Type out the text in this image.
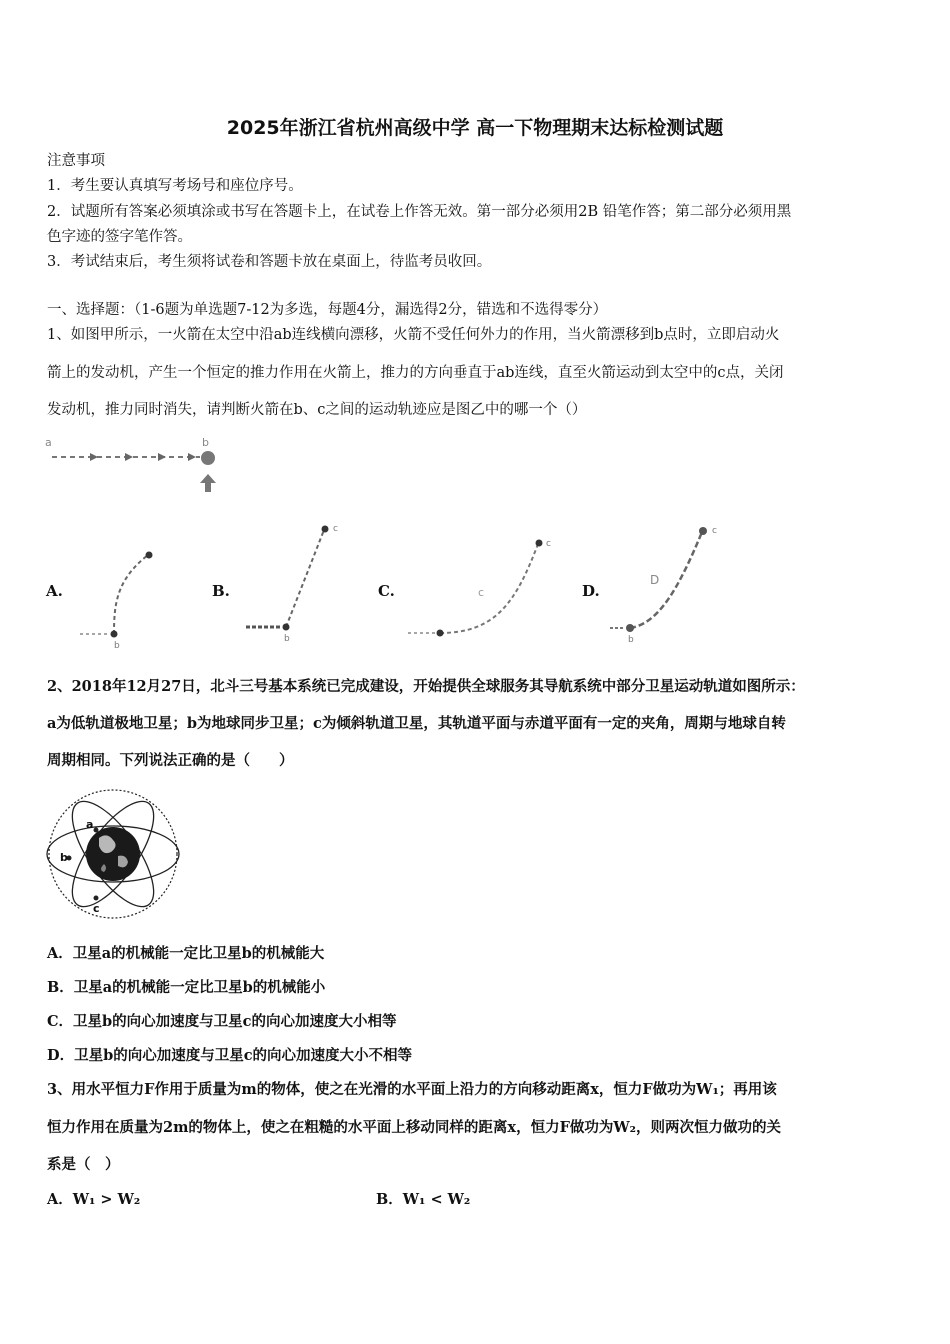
2025年浙江省杭州高级中学 高一下物理期末达标检测试题
注意事项
1．考生要认真填写考场号和座位序号。
2．试题所有答案必须填涂或书写在答题卡上，在试卷上作答无效。第一部分必须用2B 铅笔作答；第二部分必须用黑
色字迹的签字笔作答。
3．考试结束后，考生须将试卷和答题卡放在桌面上，待监考员收回。
一、选择题：（1-6题为单选题7-12为多选，每题4分，漏选得2分，错选和不选得零分）
1、如图甲所示，一火箭在太空中沿ab连线横向漂移，火箭不受任何外力的作用，当火箭漂移到b点时，立即启动火
箭上的发动机，产生一个恒定的推力作用在火箭上，推力的方向垂直于ab连线，直至火箭运动到太空中的c点，关闭
发动机，推力同时消失，请判断火箭在b、c之间的运动轨迹应是图乙中的哪一个（）
a	b
A.
b
B.
c
b
C.
c
c	D.
c
D
b
2、2018年12月27日，北斗三号基本系统已完成建设，开始提供全球服务其导航系统中部分卫星运动轨道如图所示：
a为低轨道极地卫星；b为地球同步卫星；c为倾斜轨道卫星，其轨道平面与赤道平面有一定的夹角，周期与地球自转
周期相同。下列说法正确的是（　　）
a
b
c
A．卫星a的机械能一定比卫星b的机械能大
B．卫星a的机械能一定比卫星b的机械能小
C．卫星b的向心加速度与卫星c的向心加速度大小相等
D．卫星b的向心加速度与卫星c的向心加速度大小不相等
3、用水平恒力F作用于质量为m的物体，使之在光滑的水平面上沿力的方向移动距离x，恒力F做功为W₁；再用该
恒力作用在质量为2m的物体上，使之在粗糙的水平面上移动同样的距离x，恒力F做功为W₂，则两次恒力做功的关
系是（　）
A．W₁ > W₂	B．W₁ < W₂
